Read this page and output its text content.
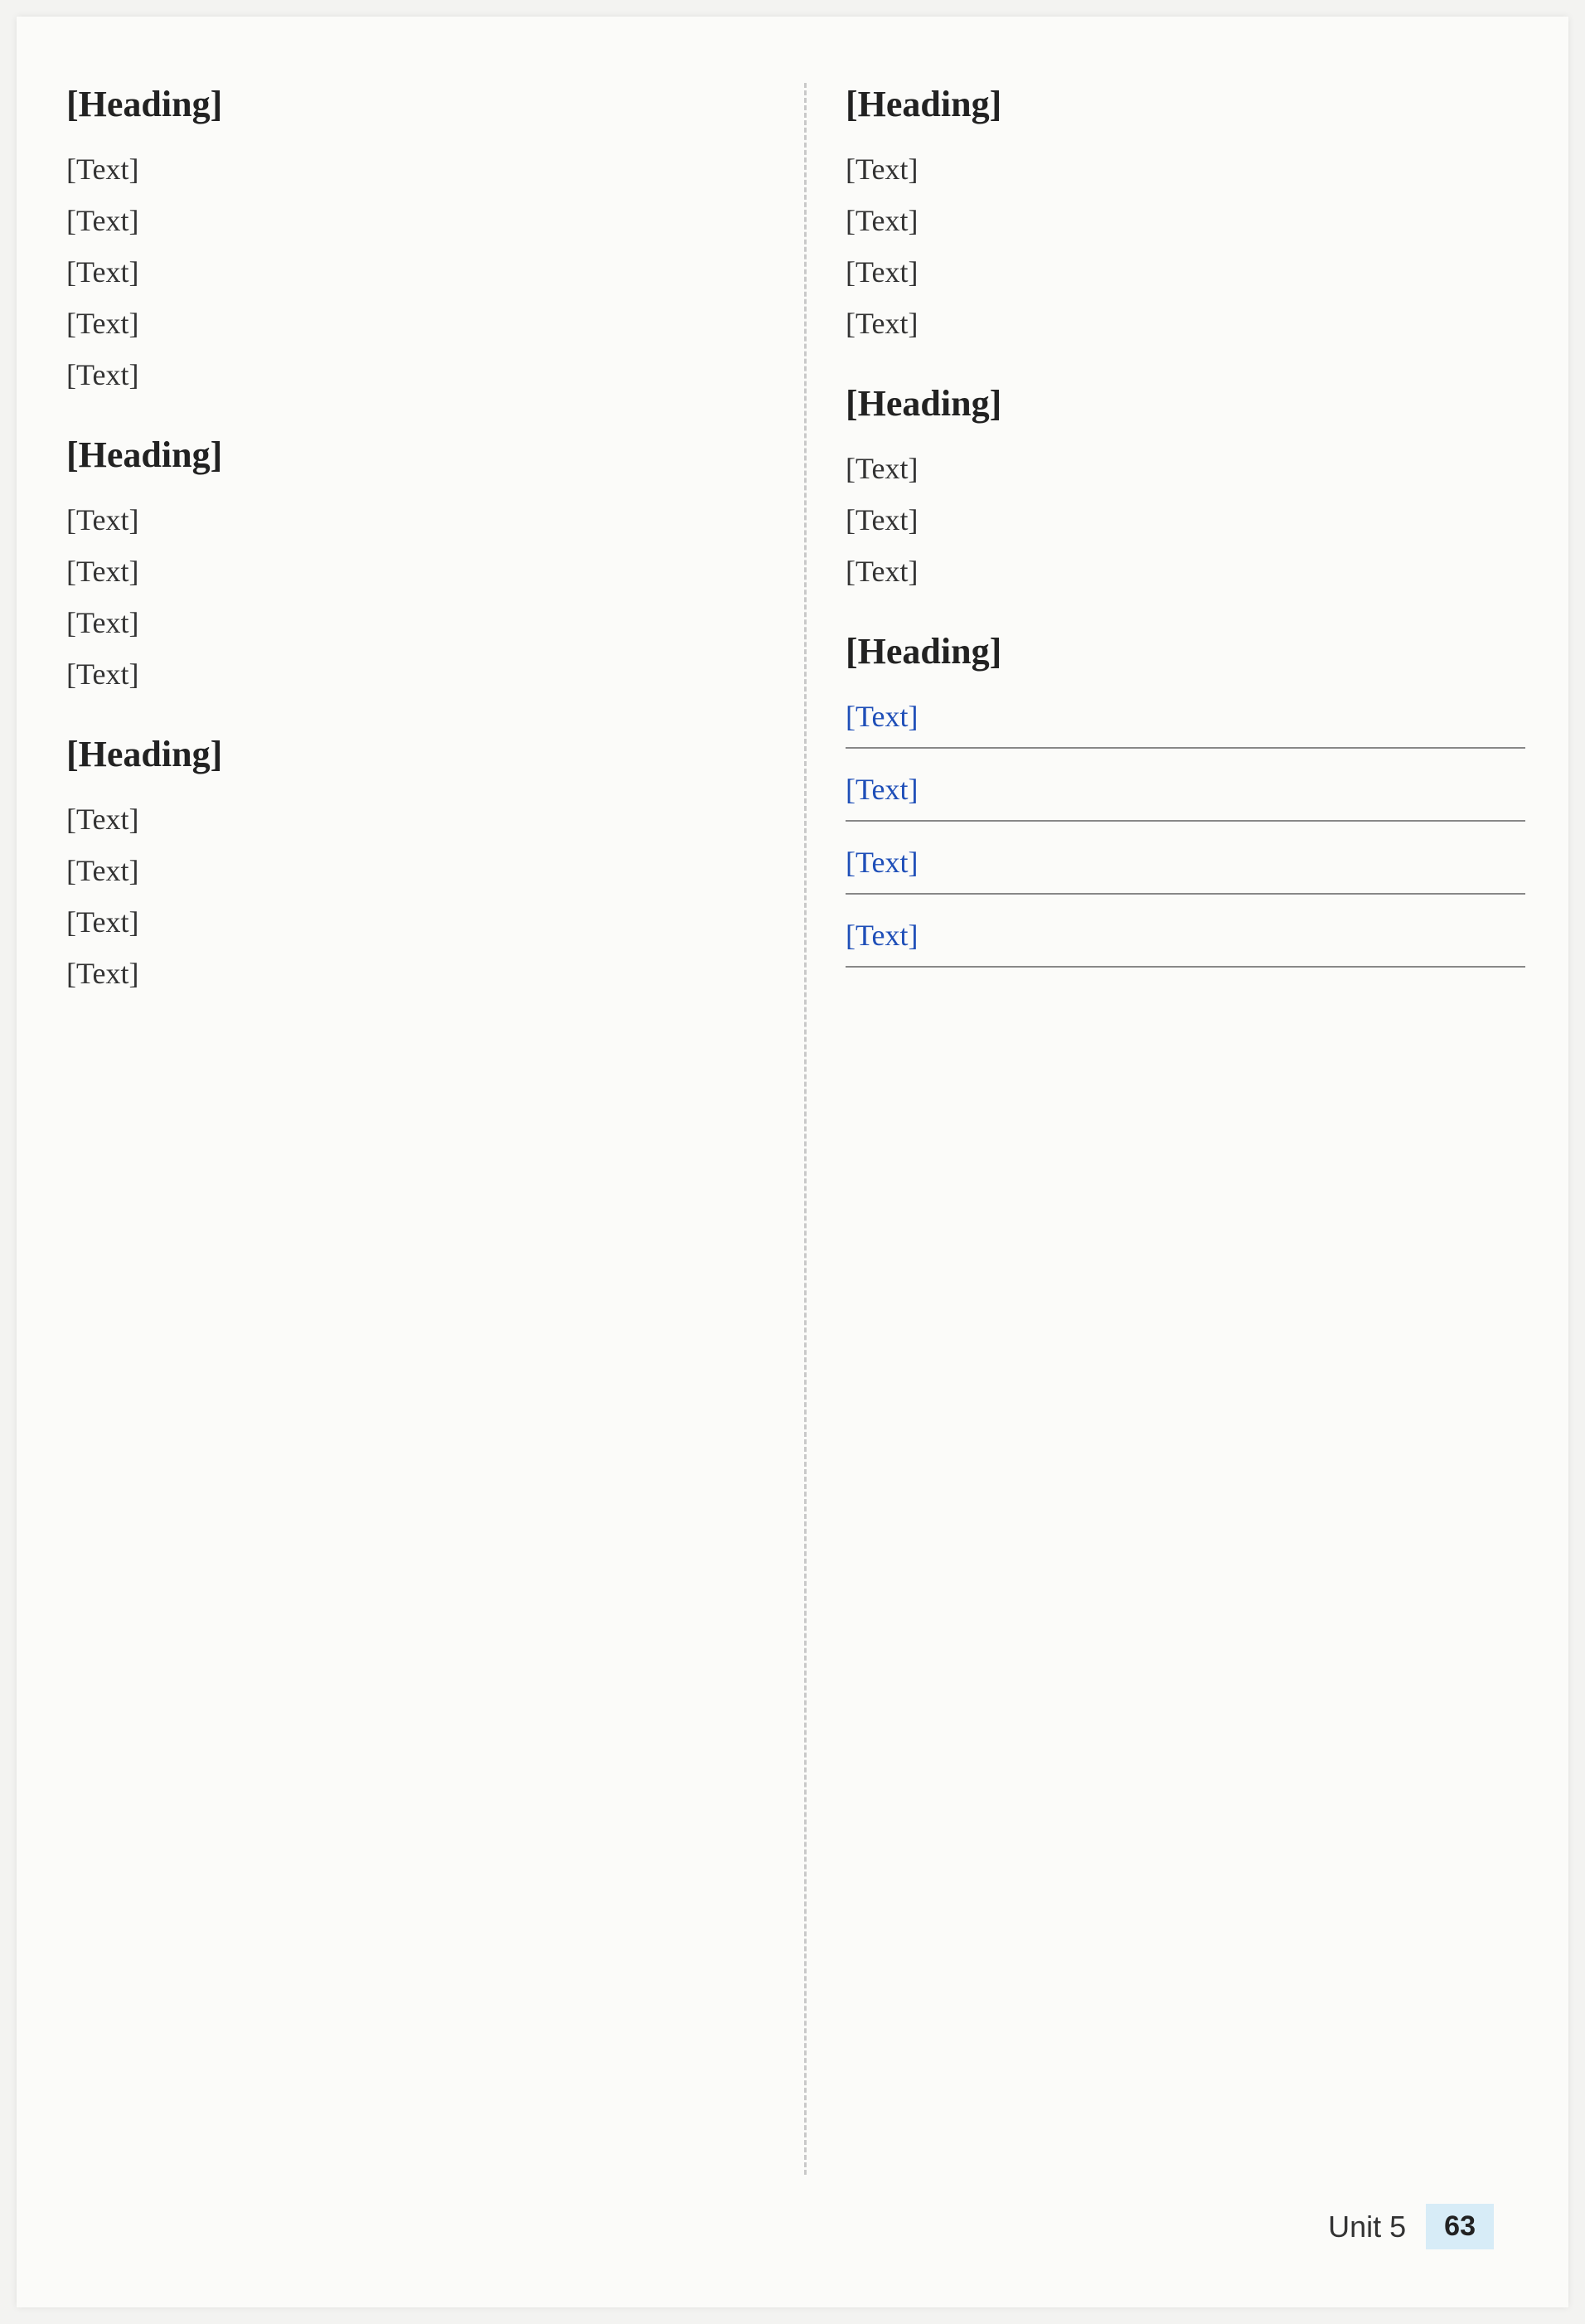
[Heading]
[Text]
[Text]
[Text]
[Text]
[Text]
[Heading]
[Text]
[Text]
[Text]
[Text]
[Heading]
[Text]
[Text]
[Text]
[Text]
[Heading]
[Text]
[Text]
[Text]
[Text]
[Heading]
[Text]
[Text]
[Text]
[Heading]
[Text]
[Text]
[Text]
[Text]
Unit 5	63
